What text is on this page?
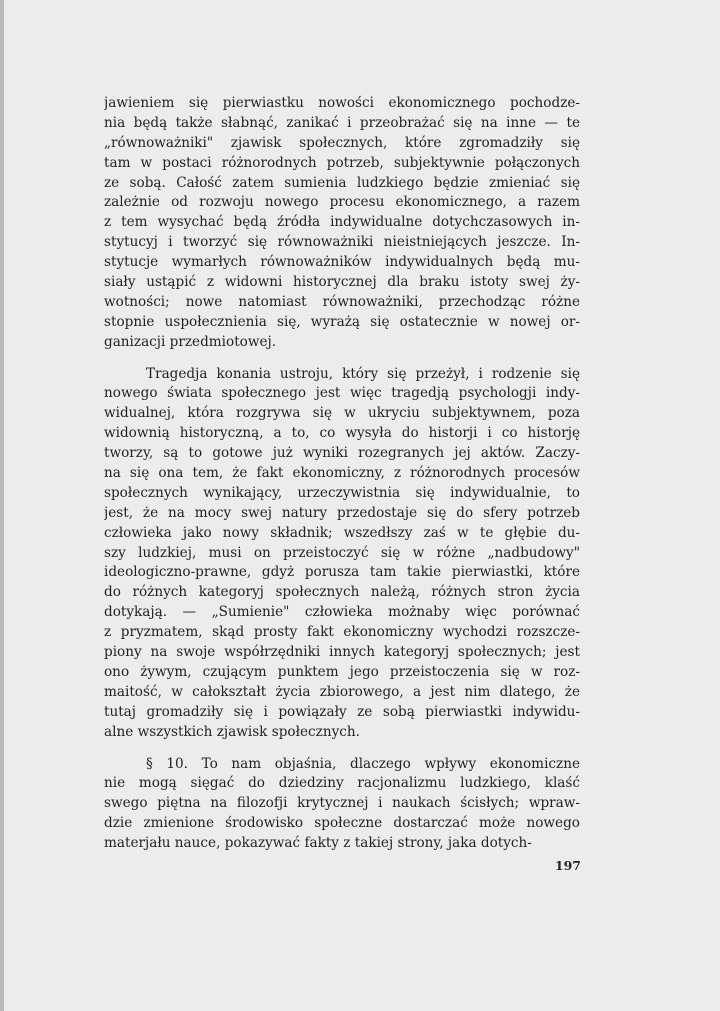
jawieniem się pierwiastku nowości ekonomicznego pochodze-
nia będą także słabnąć, zanikać i przeobrażać się na inne — te
„równoważniki" zjawisk społecznych, które zgromadziły się
tam w postaci różnorodnych potrzeb, subjektywnie połączonych
ze sobą. Całość zatem sumienia ludzkiego będzie zmieniać się
zależnie od rozwoju nowego procesu ekonomicznego, a razem
z tem wysychać będą źródła indywidualne dotychczasowych in-
stytucyj i tworzyć się równoważniki nieistniejących jeszcze. In-
stytucje wymarłych równoważników indywidualnych będą mu-
siały ustąpić z widowni historycznej dla braku istoty swej ży-
wotności; nowe natomiast równoważniki, przechodząc różne
stopnie uspołecznienia się, wyrażą się ostatecznie w nowej or-
ganizacji przedmiotowej.
Tragedja konania ustroju, który się przeżył, i rodzenie się
nowego świata społecznego jest więc tragedją psychologji indy-
widualnej, która rozgrywa się w ukryciu subjektywnem, poza
widownią historyczną, a to, co wysyła do historji i co historję
tworzy, są to gotowe już wyniki rozegranych jej aktów. Zaczy-
na się ona tem, że fakt ekonomiczny, z różnorodnych procesów
społecznych wynikający, urzeczywistnia się indywidualnie, to
jest, że na mocy swej natury przedostaje się do sfery potrzeb
człowieka jako nowy składnik; wszedłszy zaś w te głębie du-
szy ludzkiej, musi on przeistoczyć się w różne „nadbudowy"
ideologiczno-prawne, gdyż porusza tam takie pierwiastki, które
do różnych kategoryj społecznych należą, różnych stron życia
dotykają. — „Sumienie" człowieka możnaby więc porównać
z pryzmatem, skąd prosty fakt ekonomiczny wychodzi rozszcze-
piony na swoje współrzędniki innych kategoryj społecznych; jest
ono żywym, czującym punktem jego przeistoczenia się w roz-
maitość, w całokształt życia zbiorowego, a jest nim dlatego, że
tutaj gromadziły się i powiązały ze sobą pierwiastki indywidu-
alne wszystkich zjawisk społecznych.
§ 10. To nam objaśnia, dlaczego wpływy ekonomiczne
nie mogą sięgać do dziedziny racjonalizmu ludzkiego, klaść
swego piętna na filozofji krytycznej i naukach ścisłych; wpraw-
dzie zmienione środowisko społeczne dostarczać może nowego
materjału nauce, pokazywać fakty z takiej strony, jaka dotych-
197
